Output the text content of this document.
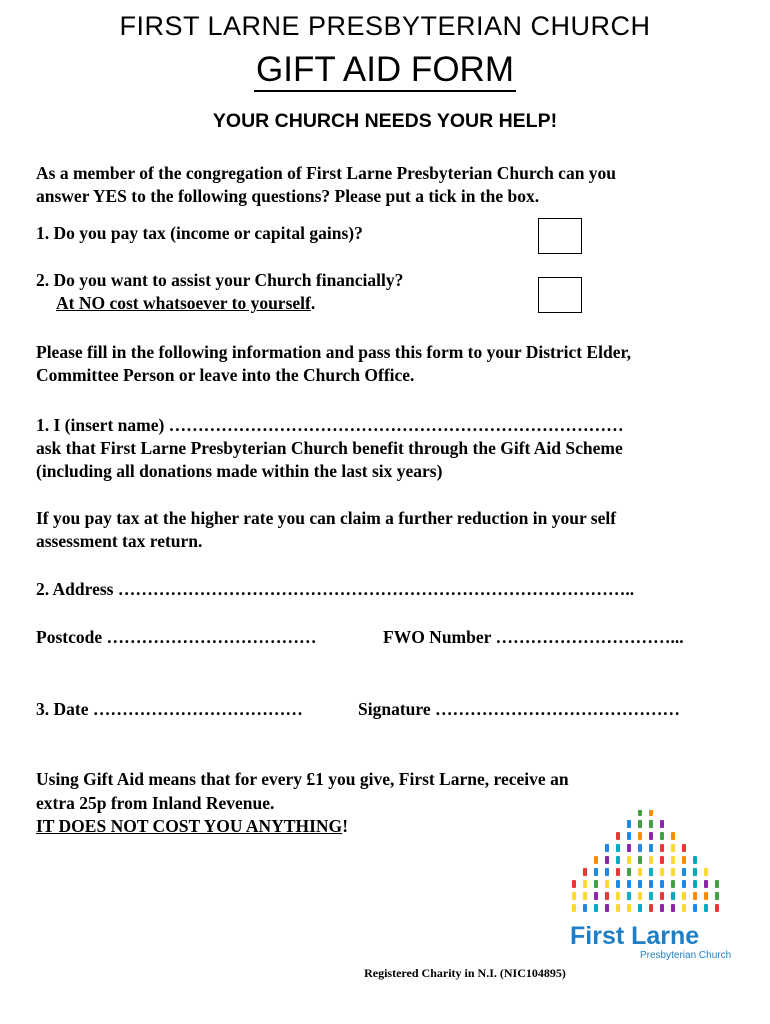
FIRST LARNE PRESBYTERIAN CHURCH
GIFT AID FORM
YOUR CHURCH NEEDS YOUR HELP!
As a member of the congregation of First Larne Presbyterian Church can you
answer YES to the following questions? Please put a tick in the box.
1. Do you pay tax (income or capital gains)?
2. Do you want to assist your Church financially?
At NO cost whatsoever to yourself.
Please fill in the following information and pass this form to your District Elder,
Committee Person or leave into the Church Office.
1. I (insert name) ……………………………………………………………………
ask that First Larne Presbyterian Church benefit through the Gift Aid Scheme
(including all donations made within the last six years)
If you pay tax at the higher rate you can claim a further reduction in your self
assessment tax return.
2. Address ……………………………………………………………………………..
Postcode ………………………………	FWO Number …………………………...
3. Date ………………………………	Signature ……………………………………
Using Gift Aid means that for every £1 you give, First Larne, receive an
extra 25p from Inland Revenue.
IT DOES NOT COST YOU ANYTHING!
First Larne
Presbyterian Church
Registered Charity in N.I. (NIC104895)
